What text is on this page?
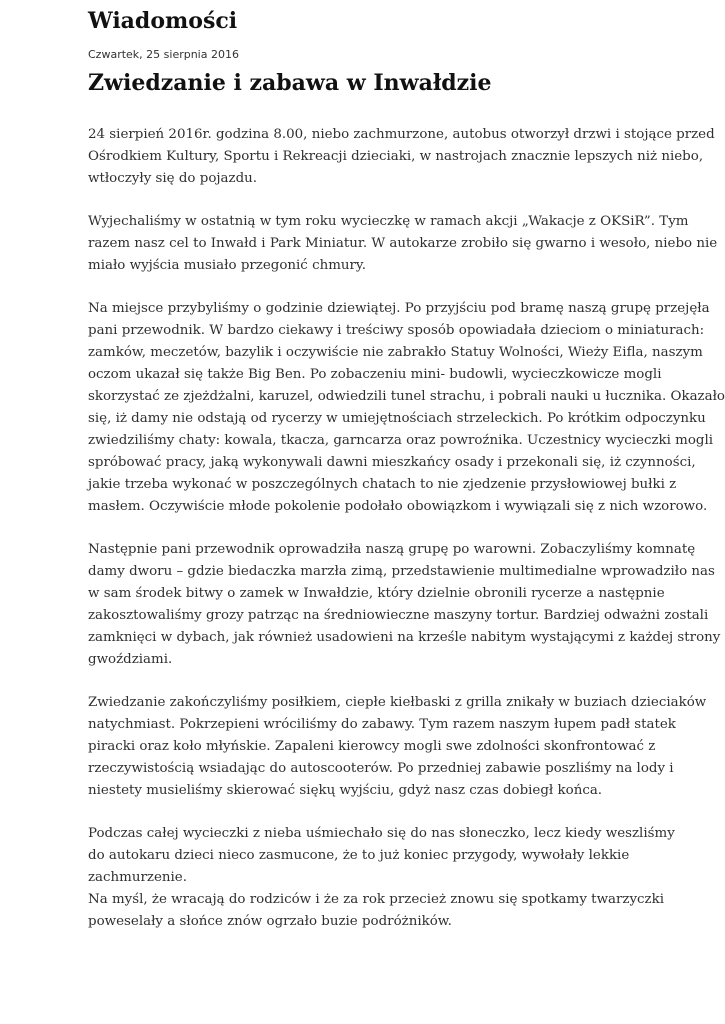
Wiadomości
Czwartek, 25 sierpnia 2016
Zwiedzanie i zabawa w Inwałdzie

24 sierpień 2016r. godzina 8.00, niebo zachmurzone, autobus otworzył drzwi i stojące przed
Ośrodkiem Kultury, Sportu i Rekreacji dzieciaki, w nastrojach znacznie lepszych niż niebo,
wtłoczyły się do pojazdu.

Wyjechaliśmy w ostatnią w tym roku wycieczkę w ramach akcji „Wakacje z OKSiR”. Tym
razem nasz cel to Inwałd i Park Miniatur. W autokarze zrobiło się gwarno i wesoło, niebo nie
miało wyjścia musiało przegonić chmury.

Na miejsce przybyliśmy o godzinie dziewiątej. Po przyjściu pod bramę naszą grupę przejęła
pani przewodnik. W bardzo ciekawy i treściwy sposób opowiadała dzieciom o miniaturach:
zamków, meczetów, bazylik i oczywiście nie zabrakło Statuy Wolności, Wieży Eifla, naszym
oczom ukazał się także Big Ben. Po zobaczeniu mini- budowli, wycieczkowicze mogli
skorzystać ze zjeżdżalni, karuzel, odwiedzili tunel strachu, i pobrali nauki u łucznika. Okazało
się, iż damy nie odstają od rycerzy w umiejętnościach strzeleckich. Po krótkim odpoczynku
zwiedziliśmy chaty: kowala, tkacza, garncarza oraz powroźnika. Uczestnicy wycieczki mogli
spróbować pracy, jaką wykonywali dawni mieszkańcy osady i przekonali się, iż czynności,
jakie trzeba wykonać w poszczególnych chatach to nie zjedzenie przysłowiowej bułki z
masłem. Oczywiście młode pokolenie podołało obowiązkom i wywiązali się z nich wzorowo.

Następnie pani przewodnik oprowadziła naszą grupę po warowni. Zobaczyliśmy komnatę
damy dworu – gdzie biedaczka marzła zimą, przedstawienie multimedialne wprowadziło nas
w sam środek bitwy o zamek w Inwałdzie, który dzielnie obronili rycerze a następnie
zakosztowaliśmy grozy patrząc na średniowieczne maszyny tortur. Bardziej odważni zostali
zamknięci w dybach, jak również usadowieni na krześle nabitym wystającymi z każdej strony
gwoździami.

Zwiedzanie zakończyliśmy posiłkiem, ciepłe kiełbaski z grilla znikały w buziach dzieciaków
natychmiast. Pokrzepieni wróciliśmy do zabawy. Tym razem naszym łupem padł statek
piracki oraz koło młyńskie. Zapaleni kierowcy mogli swe zdolności skonfrontować z
rzeczywistością wsiadając do autoscooterów. Po przedniej zabawie poszliśmy na lody i
niestety musieliśmy skierować siękų wyjściu, gdyż nasz czas dobiegł końca.

Podczas całej wycieczki z nieba uśmiechało się do nas słoneczko, lecz kiedy weszliśmy
do autokaru dzieci nieco zasmucone, że to już koniec przygody, wywołały lekkie
zachmurzenie.
Na myśl, że wracają do rodziców i że za rok przecież znowu się spotkamy twarzyczki
poweselały a słońce znów ogrzało buzie podróżników.
